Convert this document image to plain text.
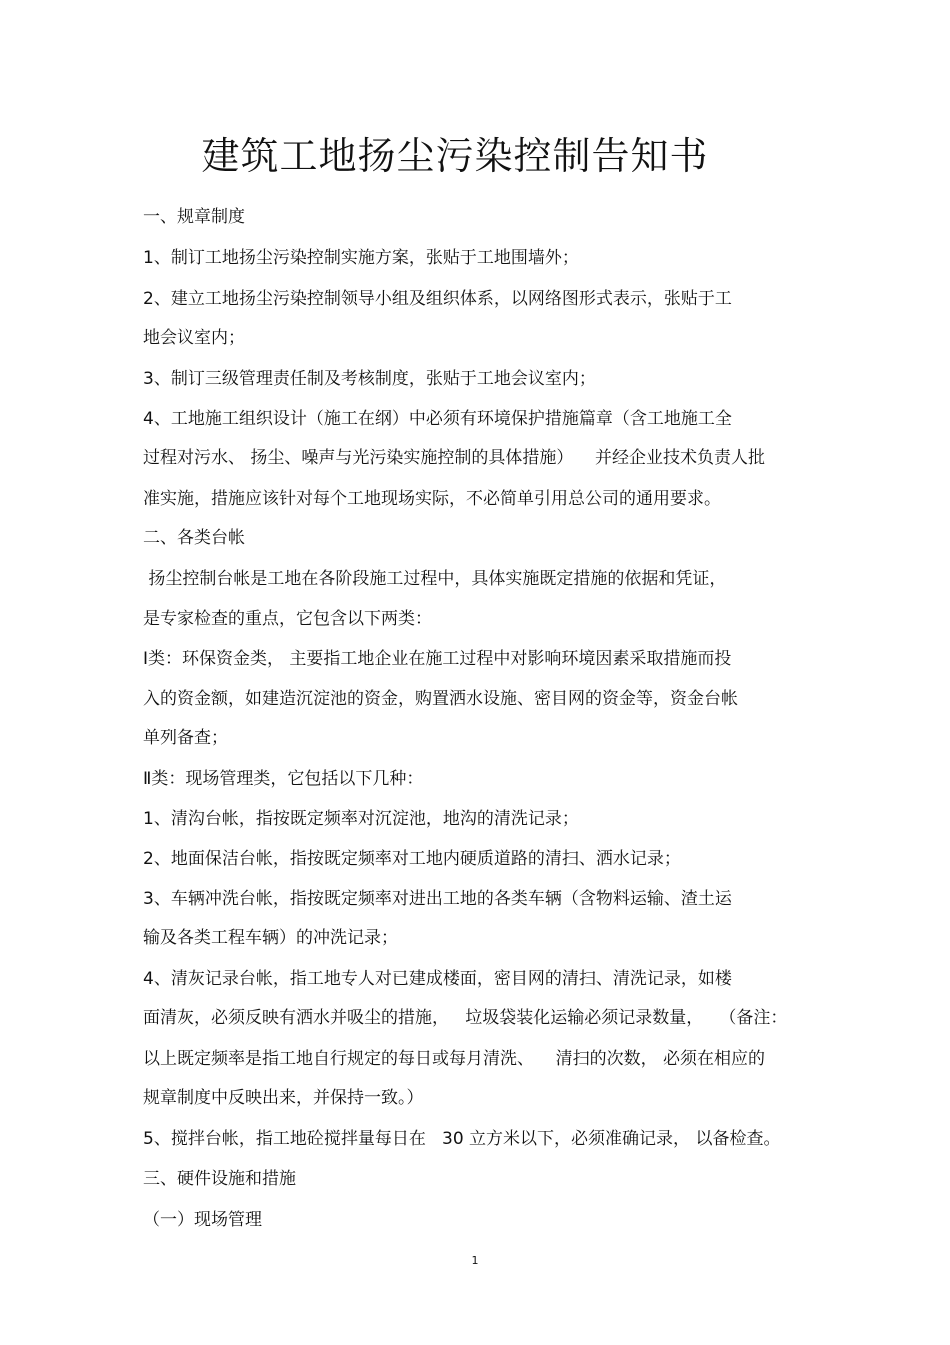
建筑工地扬尘污染控制告知书

一、规章制度

1、制订工地扬尘污染控制实施方案，张贴于工地围墙外；

2、建立工地扬尘污染控制领导小组及组织体系，以网络图形式表示，张贴于工

地会议室内；

3、制订三级管理责任制及考核制度，张贴于工地会议室内；

4、工地施工组织设计（施工在纲）中必须有环境保护措施篇章（含工地施工全

过程对污水、 扬尘、噪声与光污染实施控制的具体措施）    并经企业技术负责人批

准实施，措施应该针对每个工地现场实际，不必简单引用总公司的通用要求。

二、各类台帐

扬尘控制台帐是工地在各阶段施工过程中，具体实施既定措施的依据和凭证，

是专家检查的重点，它包含以下两类：

Ⅰ类：环保资金类， 主要指工地企业在施工过程中对影响环境因素采取措施而投

入的资金额，如建造沉淀池的资金，购置洒水设施、密目网的资金等，资金台帐

单列备查；

Ⅱ类：现场管理类，它包括以下几种：

1、清沟台帐，指按既定频率对沉淀池，地沟的清洗记录；

2、地面保洁台帐，指按既定频率对工地内硬质道路的清扫、洒水记录；

3、车辆冲洗台帐，指按既定频率对进出工地的各类车辆（含物料运输、渣土运

输及各类工程车辆）的冲洗记录；

4、清灰记录台帐，指工地专人对已建成楼面，密目网的清扫、清洗记录，如楼

面清灰，必须反映有洒水并吸尘的措施，   垃圾袋装化运输必须记录数量，   （备注：

以上既定频率是指工地自行规定的每日或每月清洗、    清扫的次数， 必须在相应的

规章制度中反映出来，并保持一致。）

5、搅拌台帐，指工地砼搅拌量每日在   30 立方米以下，必须准确记录， 以备检查。

三、硬件设施和措施

（一）现场管理

1
